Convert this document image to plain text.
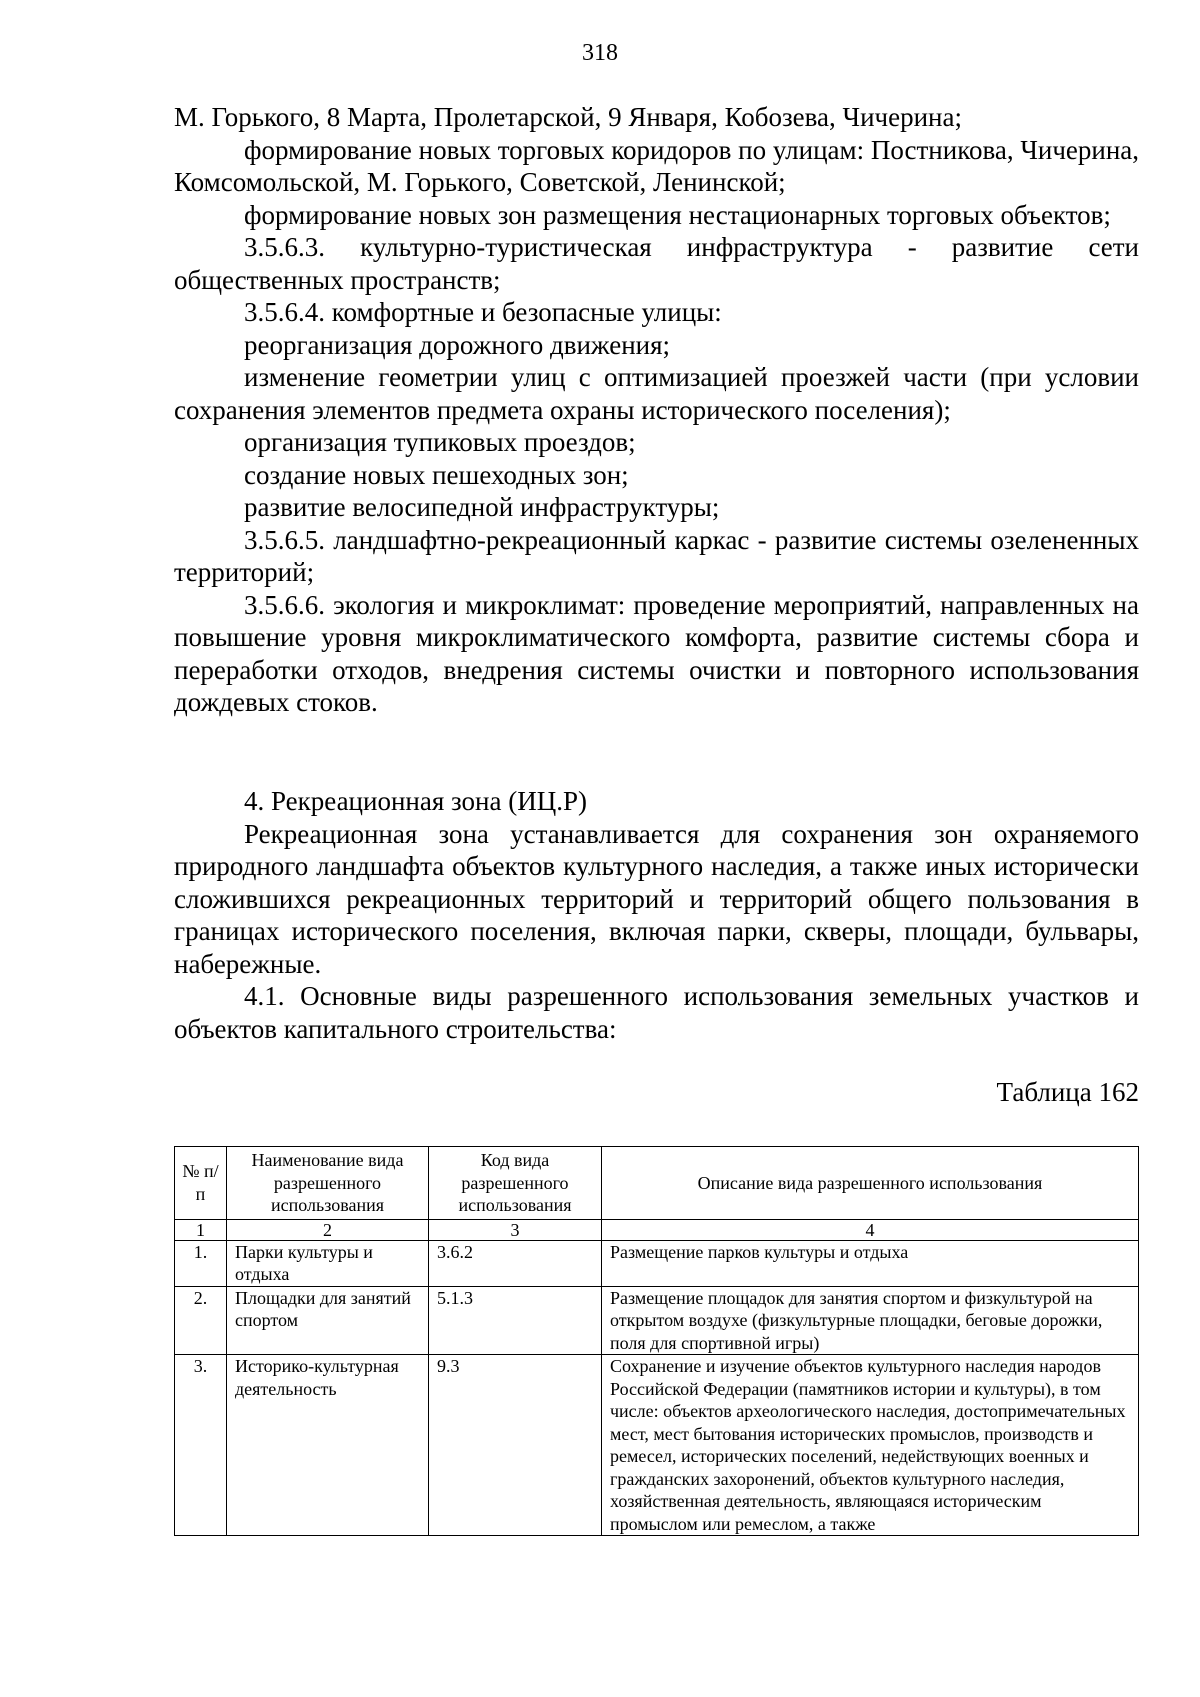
318

М. Горького, 8 Марта, Пролетарской, 9 Января, Кобозева, Чичерина;

формирование новых торговых коридоров по улицам: Постникова, Чичерина, Комсомольской, М. Горького, Советской, Ленинской;

формирование новых зон размещения нестационарных торговых объектов;

3.5.6.3. культурно-туристическая инфраструктура - развитие сети общественных пространств;

3.5.6.4. комфортные и безопасные улицы:

реорганизация дорожного движения;

изменение геометрии улиц с оптимизацией проезжей части (при условии сохранения элементов предмета охраны исторического поселения);

организация тупиковых проездов;

создание новых пешеходных зон;

развитие велосипедной инфраструктуры;

3.5.6.5. ландшафтно-рекреационный каркас - развитие системы озелененных территорий;

3.5.6.6. экология и микроклимат: проведение мероприятий, направленных на повышение уровня микроклиматического комфорта, развитие системы сбора и переработки отходов, внедрения системы очистки и повторного использования дождевых стоков.

4. Рекреационная зона (ИЦ.Р)

Рекреационная зона устанавливается для сохранения зон охраняемого природного ландшафта объектов культурного наследия, а также иных исторически сложившихся рекреационных территорий и территорий общего пользования в границах исторического поселения, включая парки, скверы, площади, бульвары, набережные.

4.1. Основные виды разрешенного использования земельных участков и объектов капитального строительства:

Таблица 162
№ п/п	Наименование вида разрешенного использования	Код вида разрешенного использования	Описание вида разрешенного использования
1	2	3	4
1.	Парки культуры и отдыха	3.6.2	Размещение парков культуры и отдыха
2.	Площадки для занятий спортом	5.1.3	Размещение площадок для занятия спортом и физкультурой на открытом воздухе (физкультурные площадки, беговые дорожки, поля для спортивной игры)
3.	Историко-культурная деятельность	9.3	Сохранение и изучение объектов культурного наследия народов Российской Федерации (памятников истории и культуры), в том числе: объектов археологического наследия, достопримечательных мест, мест бытования исторических промыслов, производств и ремесел, исторических поселений, недействующих военных и гражданских захоронений, объектов культурного наследия, хозяйственная деятельность, являющаяся историческим промыслом или ремеслом, а также
